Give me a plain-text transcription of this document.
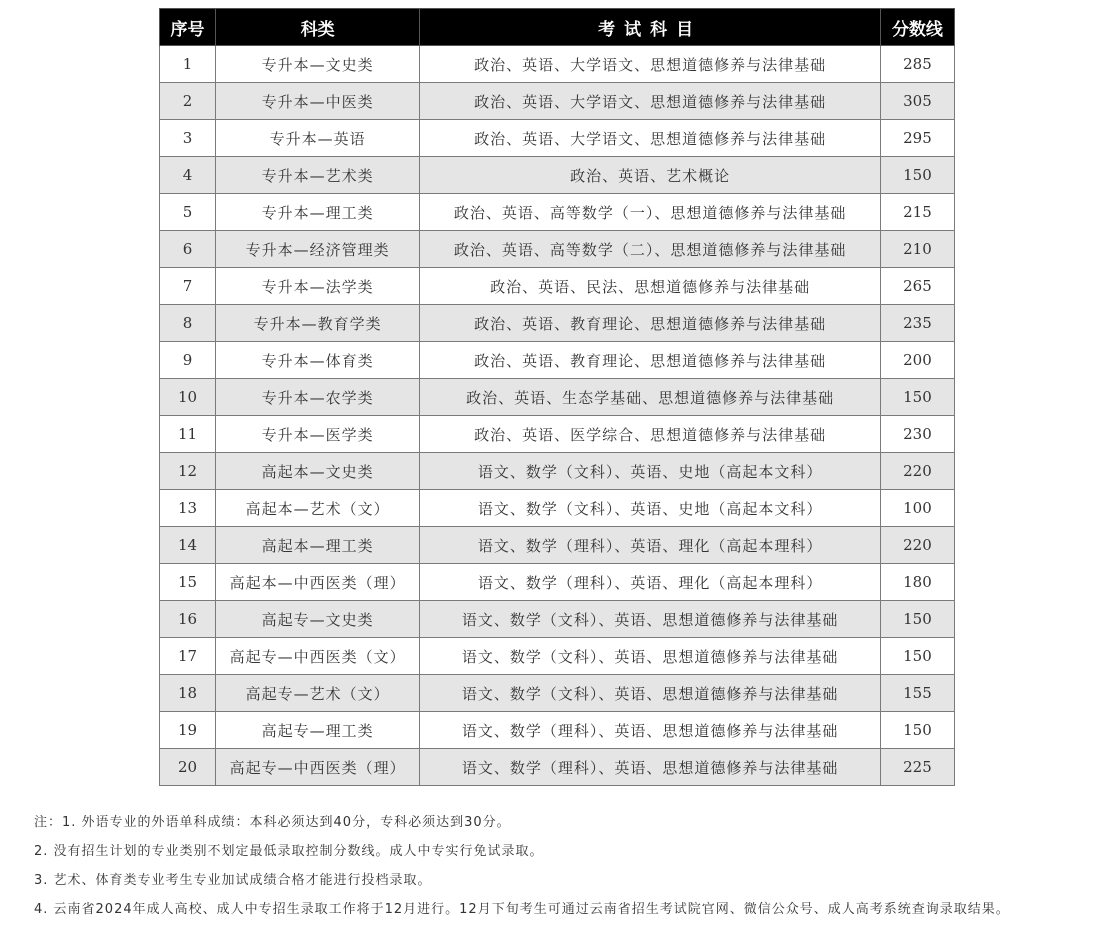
序号	科类	考试科目	分数线
1	专升本—文史类	政治、英语、大学语文、思想道德修养与法律基础	285
2	专升本—中医类	政治、英语、大学语文、思想道德修养与法律基础	305
3	专升本—英语	政治、英语、大学语文、思想道德修养与法律基础	295
4	专升本—艺术类	政治、英语、艺术概论	150
5	专升本—理工类	政治、英语、高等数学（一）、思想道德修养与法律基础	215
6	专升本—经济管理类	政治、英语、高等数学（二）、思想道德修养与法律基础	210
7	专升本—法学类	政治、英语、民法、思想道德修养与法律基础	265
8	专升本—教育学类	政治、英语、教育理论、思想道德修养与法律基础	235
9	专升本—体育类	政治、英语、教育理论、思想道德修养与法律基础	200
10	专升本—农学类	政治、英语、生态学基础、思想道德修养与法律基础	150
11	专升本—医学类	政治、英语、医学综合、思想道德修养与法律基础	230
12	高起本—文史类	语文、数学（文科）、英语、史地（高起本文科）	220
13	高起本—艺术（文）	语文、数学（文科）、英语、史地（高起本文科）	100
14	高起本—理工类	语文、数学（理科）、英语、理化（高起本理科）	220
15	高起本—中西医类（理）	语文、数学（理科）、英语、理化（高起本理科）	180
16	高起专—文史类	语文、数学（文科）、英语、思想道德修养与法律基础	150
17	高起专—中西医类（文）	语文、数学（文科）、英语、思想道德修养与法律基础	150
18	高起专—艺术（文）	语文、数学（文科）、英语、思想道德修养与法律基础	155
19	高起专—理工类	语文、数学（理科）、英语、思想道德修养与法律基础	150
20	高起专—中西医类（理）	语文、数学（理科）、英语、思想道德修养与法律基础	225

注：1. 外语专业的外语单科成绩：本科必须达到40分，专科必须达到30分。

2. 没有招生计划的专业类别不划定最低录取控制分数线。成人中专实行免试录取。

3. 艺术、体育类专业考生专业加试成绩合格才能进行投档录取。

4. 云南省2024年成人高校、成人中专招生录取工作将于12月进行。12月下旬考生可通过云南省招生考试院官网、微信公众号、成人高考系统查询录取结果。
